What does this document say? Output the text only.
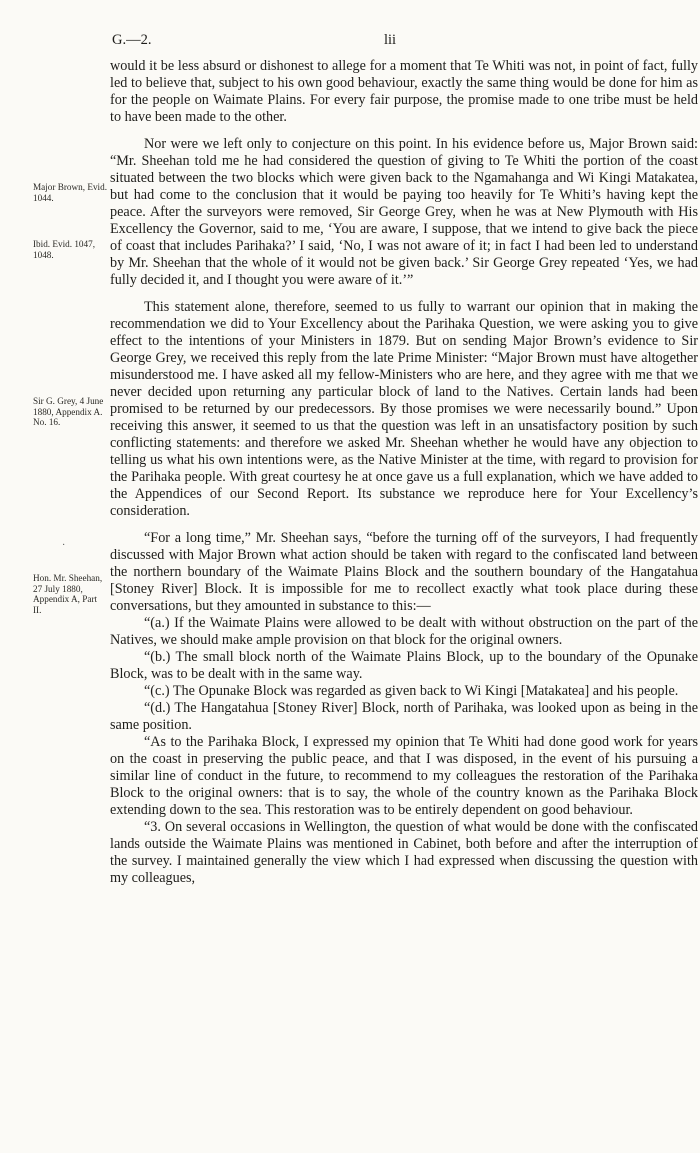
G.—2.	lii
Major Brown, Evid. 1044.
Ibid. Evid. 1047, 1048.
Sir G. Grey, 4 June 1880, Appendix A. No. 16.
·
Hon. Mr. Sheehan, 27 July 1880, Appendix A, Part II.

would it be less absurd or dishonest to allege for a moment that Te Whiti was not, in point of fact, fully led to believe that, subject to his own good behaviour, exactly the same thing would be done for him as for the people on Waimate Plains. For every fair purpose, the promise made to one tribe must be held to have been made to the other.

Nor were we left only to conjecture on this point. In his evidence before us, Major Brown said: “Mr. Sheehan told me he had considered the question of giving to Te Whiti the portion of the coast situated between the two blocks which were given back to the Ngamahanga and Wi Kingi Matakatea, but had come to the conclusion that it would be paying too heavily for Te Whiti’s having kept the peace. After the surveyors were removed, Sir George Grey, when he was at New Plymouth with His Excellency the Governor, said to me, ‘You are aware, I suppose, that we intend to give back the piece of coast that includes Parihaka?’ I said, ‘No, I was not aware of it; in fact I had been led to understand by Mr. Sheehan that the whole of it would not be given back.’ Sir George Grey repeated ‘Yes, we had fully decided it, and I thought you were aware of it.’”

This statement alone, therefore, seemed to us fully to warrant our opinion that in making the recommendation we did to Your Excellency about the Parihaka Question, we were asking you to give effect to the intentions of your Ministers in 1879. But on sending Major Brown’s evidence to Sir George Grey, we received this reply from the late Prime Minister: “Major Brown must have altogether misunderstood me. I have asked all my fellow-Ministers who are here, and they agree with me that we never decided upon returning any particular block of land to the Natives. Certain lands had been promised to be returned by our predecessors. By those promises we were necessarily bound.” Upon receiving this answer, it seemed to us that the question was left in an unsatisfactory position by such conflicting statements: and therefore we asked Mr. Sheehan whether he would have any objection to telling us what his own intentions were, as the Native Minister at the time, with regard to provision for the Parihaka people. With great courtesy he at once gave us a full explanation, which we have added to the Appendices of our Second Report. Its substance we reproduce here for Your Excellency’s consideration.

“For a long time,” Mr. Sheehan says, “before the turning off of the surveyors, I had frequently discussed with Major Brown what action should be taken with regard to the confiscated land between the northern boundary of the Waimate Plains Block and the southern boundary of the Hangatahua [Stoney River] Block. It is impossible for me to recollect exactly what took place during these conversations, but they amounted in substance to this:—

“(a.) If the Waimate Plains were allowed to be dealt with without obstruction on the part of the Natives, we should make ample provision on that block for the original owners.

“(b.) The small block north of the Waimate Plains Block, up to the boundary of the Opunake Block, was to be dealt with in the same way.

“(c.) The Opunake Block was regarded as given back to Wi Kingi [Matakatea] and his people.

“(d.) The Hangatahua [Stoney River] Block, north of Parihaka, was looked upon as being in the same position.

“As to the Parihaka Block, I expressed my opinion that Te Whiti had done good work for years on the coast in preserving the public peace, and that I was disposed, in the event of his pursuing a similar line of conduct in the future, to recommend to my colleagues the restoration of the Parihaka Block to the original owners: that is to say, the whole of the country known as the Parihaka Block extending down to the sea. This restoration was to be entirely dependent on good behaviour.

“3. On several occasions in Wellington, the question of what would be done with the confiscated lands outside the Waimate Plains was mentioned in Cabinet, both before and after the interruption of the survey. I maintained generally the view which I had expressed when discussing the question with my colleagues,
